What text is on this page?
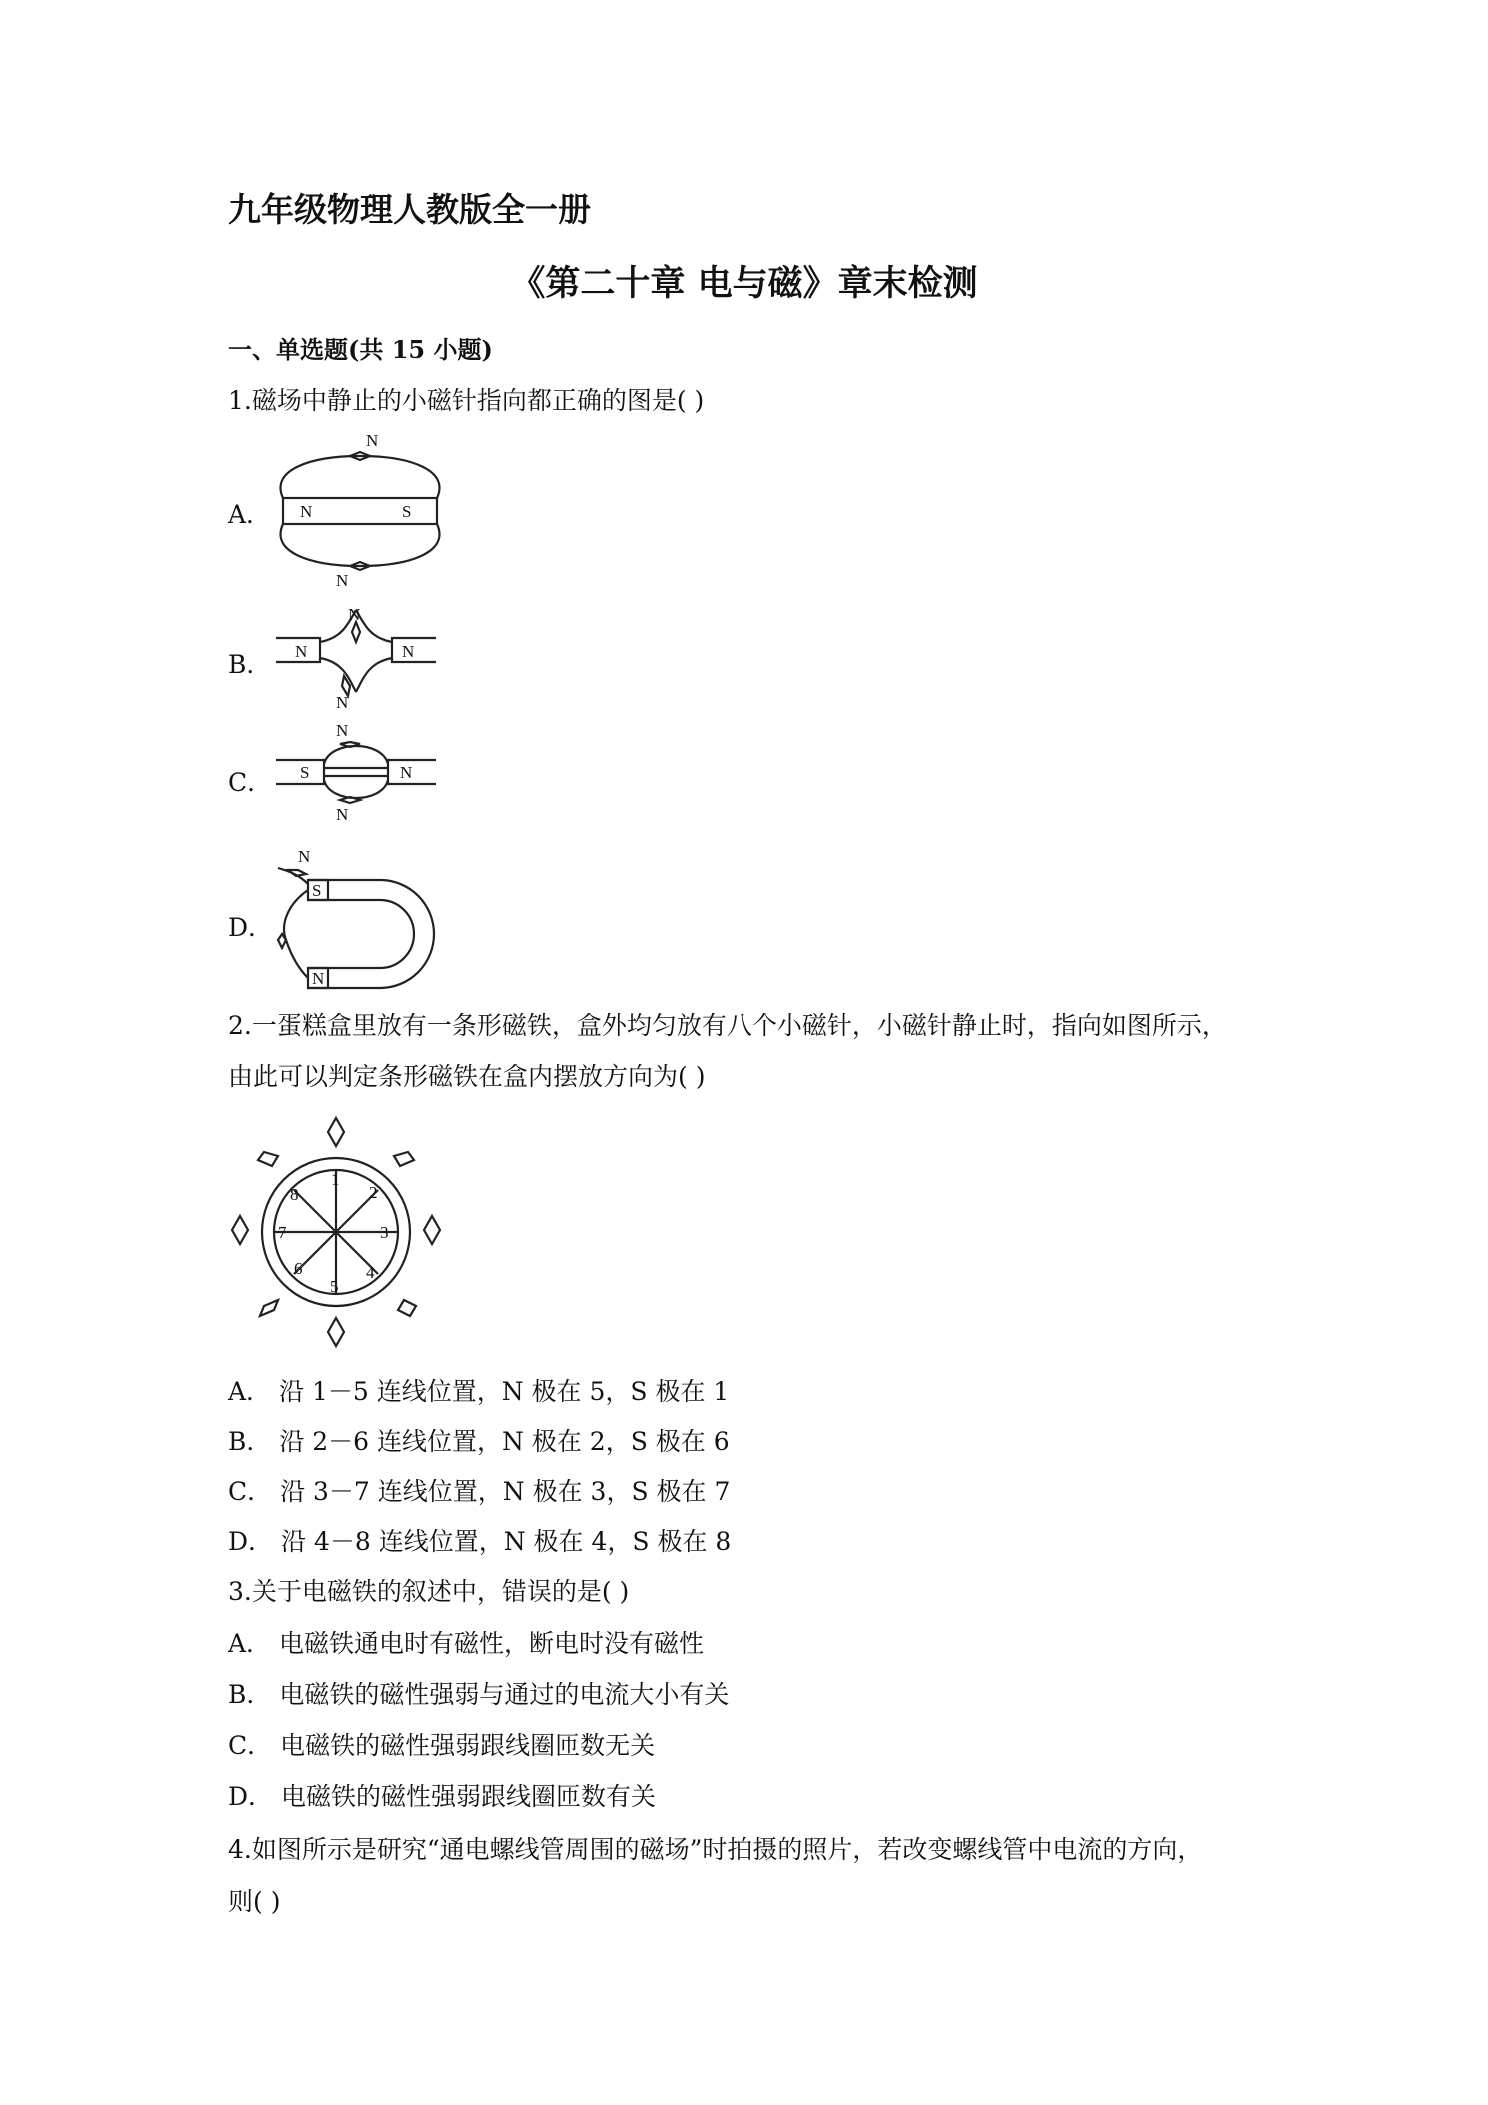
九年级物理人教版全一册
《第二十章 电与磁》章末检测
一、单选题(共 15 小题)
1.磁场中静止的小磁针指向都正确的图是( )
A．
B．
C．
D．
N	S
N
N
N	N
N
N
S	N
N
N
S
N
N
2.一蛋糕盒里放有一条形磁铁，盒外均匀放有八个小磁针，小磁针静止时，指向如图所示，
由此可以判定条形磁铁在盒内摆放方向为( )
1
2
3
4
5
6
7
8
A． 沿 1－5 连线位置，N 极在 5，S 极在 1
B． 沿 2－6 连线位置，N 极在 2，S 极在 6
C． 沿 3－7 连线位置，N 极在 3，S 极在 7
D． 沿 4－8 连线位置，N 极在 4，S 极在 8
3.关于电磁铁的叙述中，错误的是( )
A． 电磁铁通电时有磁性，断电时没有磁性
B． 电磁铁的磁性强弱与通过的电流大小有关
C． 电磁铁的磁性强弱跟线圈匝数无关
D． 电磁铁的磁性强弱跟线圈匝数有关
4.如图所示是研究“通电螺线管周围的磁场”时拍摄的照片，若改变螺线管中电流的方向，
则( )
